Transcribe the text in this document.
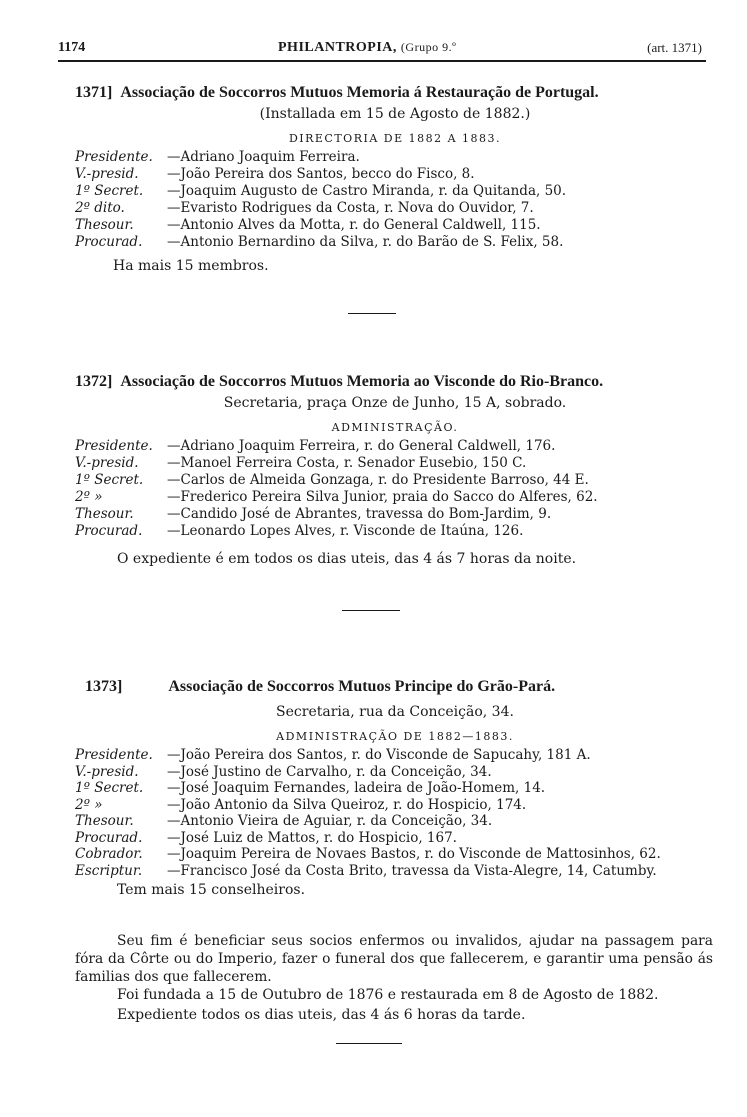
1174	PHILANTROPIA, (Grupo 9.º	(art. 1371)
1371] Associação de Soccorros Mutuos Memoria á Restauração de Portugal.
(Installada em 15 de Agosto de 1882.)
DIRECTORIA DE 1882 A 1883.
Presidente. —Adriano Joaquim Ferreira.
V.-presid. —João Pereira dos Santos, becco do Fisco, 8.
1º Secret. —Joaquim Augusto de Castro Miranda, r. da Quitanda, 50.
2º dito.	—Evaristo Rodrigues da Costa, r. Nova do Ouvidor, 7.
Thesour. —Antonio Alves da Motta, r. do General Caldwell, 115.
Procurad. —Antonio Bernardino da Silva, r. do Barão de S. Felix, 58.
Ha mais 15 membros.
1372] Associação de Soccorros Mutuos Memoria ao Visconde do Rio-Branco.
Secretaria, praça Onze de Junho, 15 A, sobrado.
ADMINISTRAÇÃO.
Presidente. —Adriano Joaquim Ferreira, r. do General Caldwell, 176.
V.-presid. —Manoel Ferreira Costa, r. Senador Eusebio, 150 C.
1º Secret. —Carlos de Almeida Gonzaga, r. do Presidente Barroso, 44 E.
2º »	—Frederico Pereira Silva Junior, praia do Sacco do Alferes, 62.
Thesour. —Candido José de Abrantes, travessa do Bom-Jardim, 9.
Procurad. —Leonardo Lopes Alves, r. Visconde de Itaúna, 126.
O expediente é em todos os dias uteis, das 4 ás 7 horas da noite.
1373]	Associação de Soccorros Mutuos Principe do Grão-Pará.
Secretaria, rua da Conceição, 34.
ADMINISTRAÇÃO DE 1882—1883.
Presidente. —João Pereira dos Santos, r. do Visconde de Sapucahy, 181 A.
V.-presid. —José Justino de Carvalho, r. da Conceição, 34.
1º Secret. —José Joaquim Fernandes, ladeira de João-Homem, 14.
2º »	—João Antonio da Silva Queiroz, r. do Hospicio, 174.
Thesour. —Antonio Vieira de Aguiar, r. da Conceição, 34.
Procurad. —José Luiz de Mattos, r. do Hospicio, 167.
Cobrador. —Joaquim Pereira de Novaes Bastos, r. do Visconde de Mattosinhos, 62.
Escriptur. —Francisco José da Costa Brito, travessa da Vista-Alegre, 14, Catumby.
Tem mais 15 conselheiros.
Seu fim é beneficiar seus socios enfermos ou invalidos, ajudar na passagem para fóra da Côrte ou do Imperio, fazer o funeral dos que fallecerem, e garantir uma pensão ás familias dos que fallecerem.
Foi fundada a 15 de Outubro de 1876 e restaurada em 8 de Agosto de 1882.
Expediente todos os dias uteis, das 4 ás 6 horas da tarde.
